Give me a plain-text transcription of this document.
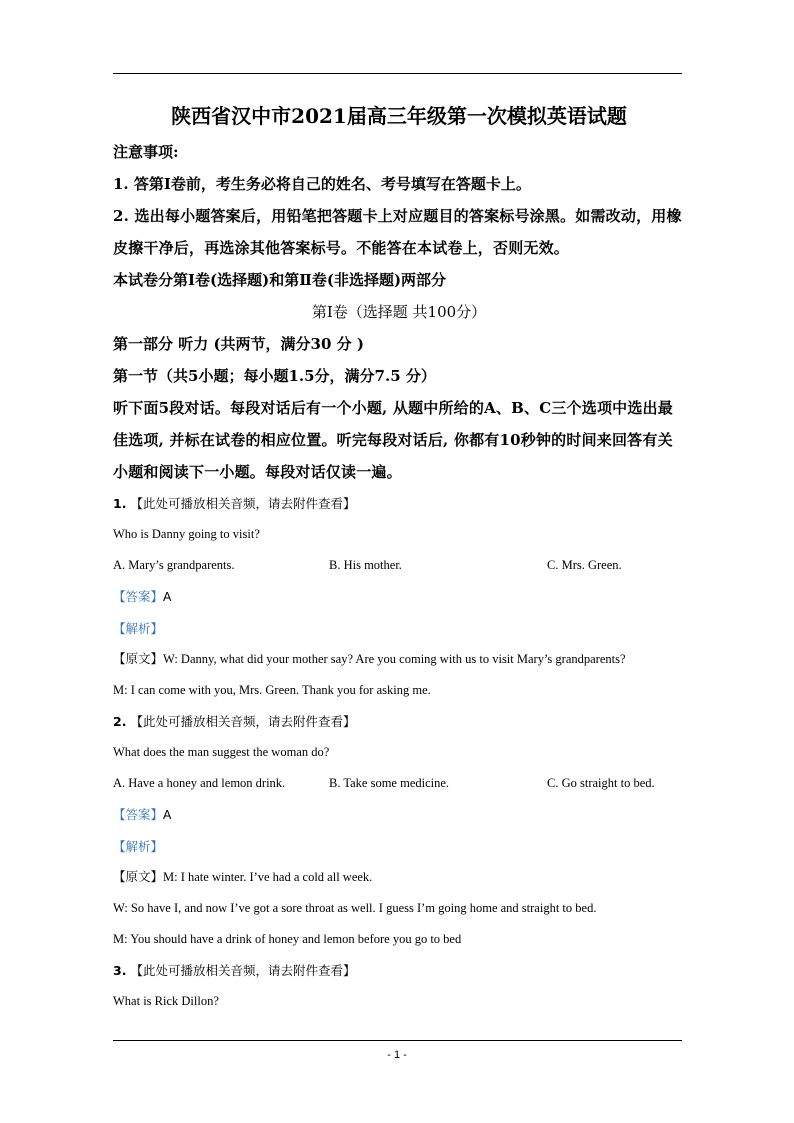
陕西省汉中市2021届高三年级第一次模拟英语试题
注意事项:
1. 答第Ⅰ卷前，考生务必将自己的姓名、考号填写在答题卡上。
2. 选出每小题答案后，用铅笔把答题卡上对应题目的答案标号涂黑。如需改动，用橡皮擦干净后，再选涂其他答案标号。不能答在本试卷上，否则无效。
本试卷分第Ⅰ卷(选择题)和第Ⅱ卷(非选择题)两部分
第Ⅰ卷（选择题 共100分）
第一部分 听力 (共两节，满分30 分 )
第一节（共5小题；每小题1.5分，满分7.5 分）
听下面5段对话。每段对话后有一个小题, 从题中所给的A、B、C三个选项中选出最佳选项, 并标在试卷的相应位置。听完每段对话后, 你都有10秒钟的时间来回答有关小题和阅读下一小题。每段对话仅读一遍。
1. 【此处可播放相关音频，请去附件查看】
Who is Danny going to visit?
A. Mary’s grandparents.	B. His mother.	C. Mrs. Green.
【答案】A
【解析】
【原文】W: Danny, what did your mother say? Are you coming with us to visit Mary’s grandparents?
M: I can come with you, Mrs. Green. Thank you for asking me.
2. 【此处可播放相关音频，请去附件查看】
What does the man suggest the woman do?
A. Have a honey and lemon drink.	B. Take some medicine.	C. Go straight to bed.
【答案】A
【解析】
【原文】M: I hate winter. I’ve had a cold all week.
W: So have I, and now I’ve got a sore throat as well. I guess I’m going home and straight to bed.
M: You should have a drink of honey and lemon before you go to bed
3. 【此处可播放相关音频，请去附件查看】
What is Rick Dillon?
- 1 -
